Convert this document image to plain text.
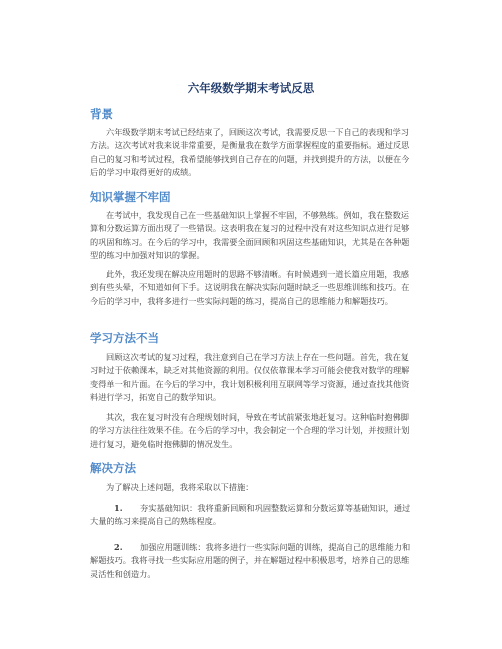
六年级数学期末考试反思
背景

六年级数学期末考试已经结束了，回顾这次考试，我需要反思一下自己的表现和学习方法。这次考试对我来说非常重要，是衡量我在数学方面掌握程度的重要指标。通过反思自己的复习和考试过程，我希望能够找到自己存在的问题，并找到提升的方法，以便在今后的学习中取得更好的成绩。

知识掌握不牢固

在考试中，我发现自己在一些基础知识上掌握不牢固，不够熟练。例如，我在整数运算和分数运算方面出现了一些错误。这表明我在复习的过程中没有对这些知识点进行足够的巩固和练习。在今后的学习中，我需要全面回顾和巩固这些基础知识，尤其是在各种题型的练习中加强对知识的掌握。

此外，我还发现在解决应用题时的思路不够清晰。有时候遇到一道长篇应用题，我感到有些头晕，不知道如何下手。这说明我在解决实际问题时缺乏一些思维训练和技巧。在今后的学习中，我将多进行一些实际问题的练习，提高自己的思维能力和解题技巧。

学习方法不当

回顾这次考试的复习过程，我注意到自己在学习方法上存在一些问题。首先，我在复习时过于依赖课本，缺乏对其他资源的利用。仅仅依靠课本学习可能会使我对数学的理解变得单一和片面。在今后的学习中，我计划积极利用互联网等学习资源，通过查找其他资料进行学习，拓宽自己的数学知识。

其次，我在复习时没有合理规划时间，导致在考试前紧张地赶复习。这种临时抱佛脚的学习方法往往效果不佳。在今后的学习中，我会制定一个合理的学习计划，并按照计划进行复习，避免临时抱佛脚的情况发生。

解决方法

为了解决上述问题，我将采取以下措施：

1. 夯实基础知识：我将重新回顾和巩固整数运算和分数运算等基础知识，通过大量的练习来提高自己的熟练程度。

2. 加强应用题训练：我将多进行一些实际问题的训练，提高自己的思维能力和解题技巧。我将寻找一些实际应用题的例子，并在解题过程中积极思考，培养自己的思维灵活性和创造力。
